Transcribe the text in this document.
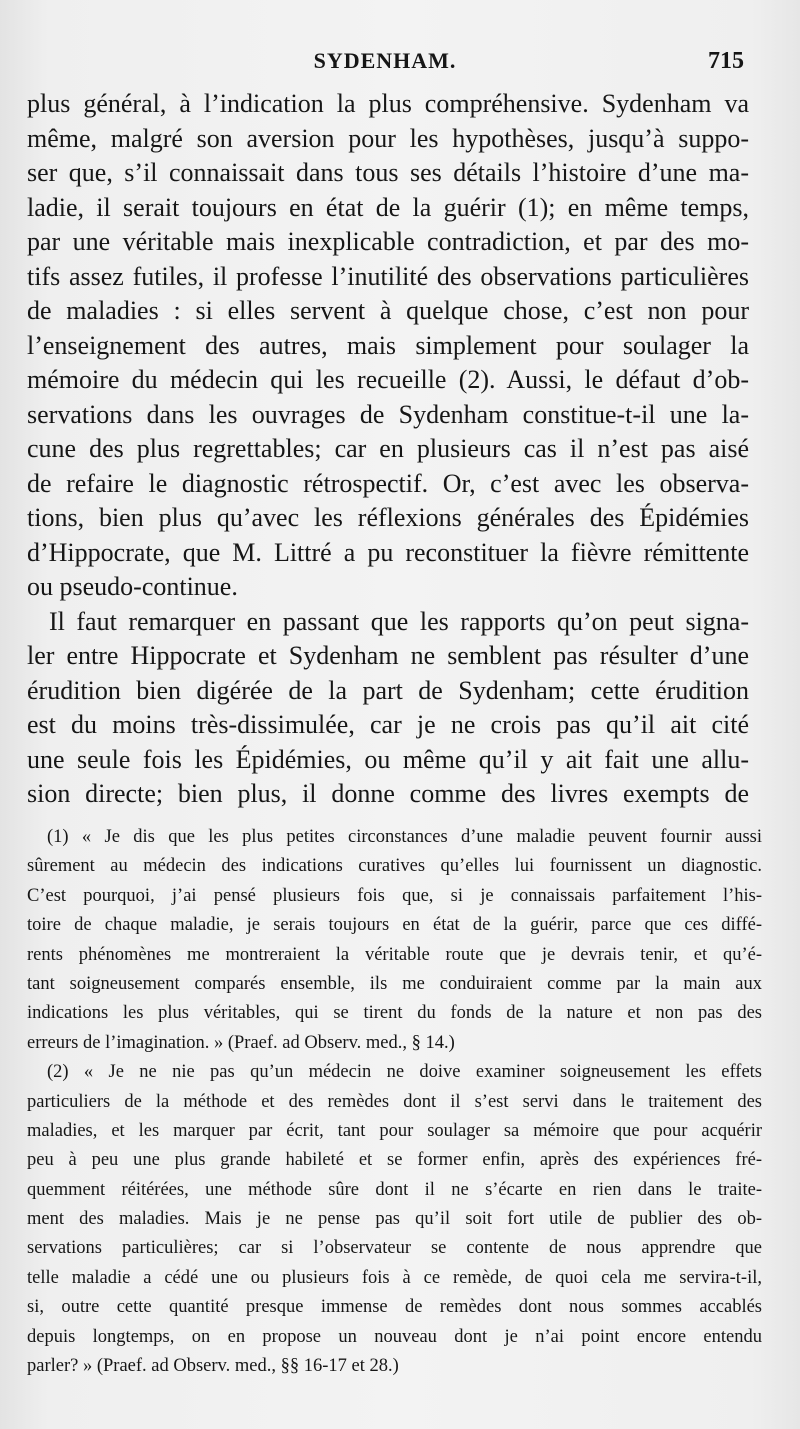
SYDENHAM.	715
plus général, à l’indication la plus compréhensive. Sydenham va
même, malgré son aversion pour les hypothèses, jusqu’à suppo-
ser que, s’il connaissait dans tous ses détails l’histoire d’une ma-
ladie, il serait toujours en état de la guérir (1); en même temps,
par une véritable mais inexplicable contradiction, et par des mo-
tifs assez futiles, il professe l’inutilité des observations particulières
de maladies : si elles servent à quelque chose, c’est non pour
l’enseignement des autres, mais simplement pour soulager la
mémoire du médecin qui les recueille (2). Aussi, le défaut d’ob-
servations dans les ouvrages de Sydenham constitue-t-il une la-
cune des plus regrettables; car en plusieurs cas il n’est pas aisé
de refaire le diagnostic rétrospectif. Or, c’est avec les observa-
tions, bien plus qu’avec les réflexions générales des Épidémies
d’Hippocrate, que M. Littré a pu reconstituer la fièvre rémittente
ou pseudo-continue.
Il faut remarquer en passant que les rapports qu’on peut signa-
ler entre Hippocrate et Sydenham ne semblent pas résulter d’une
érudition bien digérée de la part de Sydenham; cette érudition
est du moins très-dissimulée, car je ne crois pas qu’il ait cité
une seule fois les Épidémies, ou même qu’il y ait fait une allu-
sion directe; bien plus, il donne comme des livres exempts de
(1) « Je dis que les plus petites circonstances d’une maladie peuvent fournir aussi
sûrement au médecin des indications curatives qu’elles lui fournissent un diagnostic.
C’est pourquoi, j’ai pensé plusieurs fois que, si je connaissais parfaitement l’his-
toire de chaque maladie, je serais toujours en état de la guérir, parce que ces diffé-
rents phénomènes me montreraient la véritable route que je devrais tenir, et qu’é-
tant soigneusement comparés ensemble, ils me conduiraient comme par la main aux
indications les plus véritables, qui se tirent du fonds de la nature et non pas des
erreurs de l’imagination. » (Praef. ad Observ. med., § 14.)
(2) « Je ne nie pas qu’un médecin ne doive examiner soigneusement les effets
particuliers de la méthode et des remèdes dont il s’est servi dans le traitement des
maladies, et les marquer par écrit, tant pour soulager sa mémoire que pour acquérir
peu à peu une plus grande habileté et se former enfin, après des expériences fré-
quemment réitérées, une méthode sûre dont il ne s’écarte en rien dans le traite-
ment des maladies. Mais je ne pense pas qu’il soit fort utile de publier des ob-
servations particulières; car si l’observateur se contente de nous apprendre que
telle maladie a cédé une ou plusieurs fois à ce remède, de quoi cela me servira-t-il,
si, outre cette quantité presque immense de remèdes dont nous sommes accablés
depuis longtemps, on en propose un nouveau dont je n’ai point encore entendu
parler? » (Praef. ad Observ. med., §§ 16-17 et 28.)
